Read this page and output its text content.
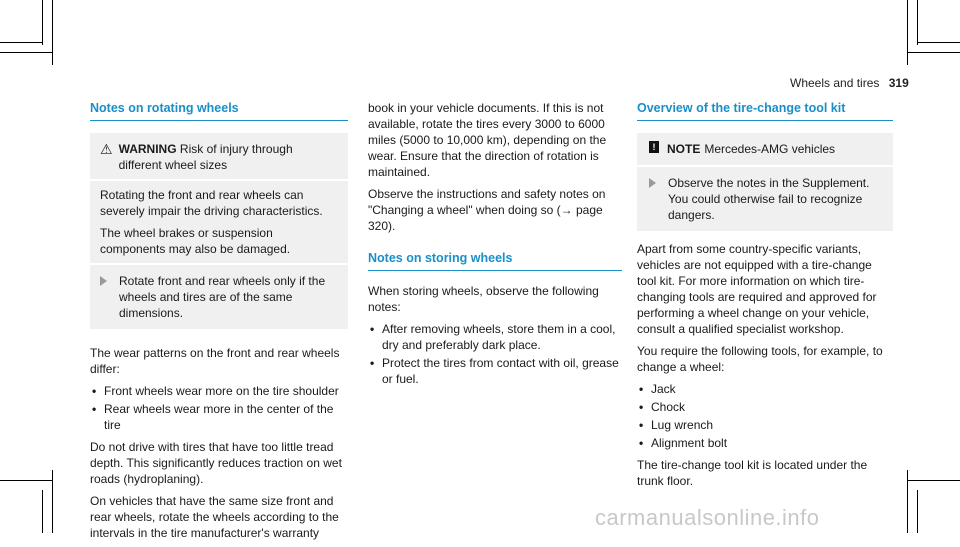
Wheels and tires 319
Notes on rotating wheels
⚠ WARNING Risk of injury through different wheel sizes

Rotating the front and rear wheels can severely impair the driving characteristics.

The wheel brakes or suspension components may also be damaged.

Rotate front and rear wheels only if the wheels and tires are of the same dimensions.

The wear patterns on the front and rear wheels differ:

• Front wheels wear more on the tire shoulder
• Rear wheels wear more in the center of the tire

Do not drive with tires that have too little tread depth. This significantly reduces traction on wet roads (hydroplaning).

On vehicles that have the same size front and rear wheels, rotate the wheels according to the intervals in the tire manufacturer's warranty

book in your vehicle documents. If this is not available, rotate the tires every 3000 to 6000 miles (5000 to 10,000 km), depending on the wear. Ensure that the direction of rotation is maintained.

Observe the instructions and safety notes on "Changing a wheel" when doing so (→ page 320).

Notes on storing wheels

When storing wheels, observe the following notes:

• After removing wheels, store them in a cool, dry and preferably dark place.
• Protect the tires from contact with oil, grease or fuel.
Overview of the tire-change tool kit
! NOTE Mercedes-AMG vehicles
Observe the notes in the Supplement. You could otherwise fail to recognize dangers.

Apart from some country-specific variants, vehicles are not equipped with a tire-change tool kit. For more information on which tire-changing tools are required and approved for performing a wheel change on your vehicle, consult a qualified specialist workshop.

You require the following tools, for example, to change a wheel:

• Jack
• Chock
• Lug wrench
• Alignment bolt

The tire-change tool kit is located under the trunk floor.

carmanualsonline.info
